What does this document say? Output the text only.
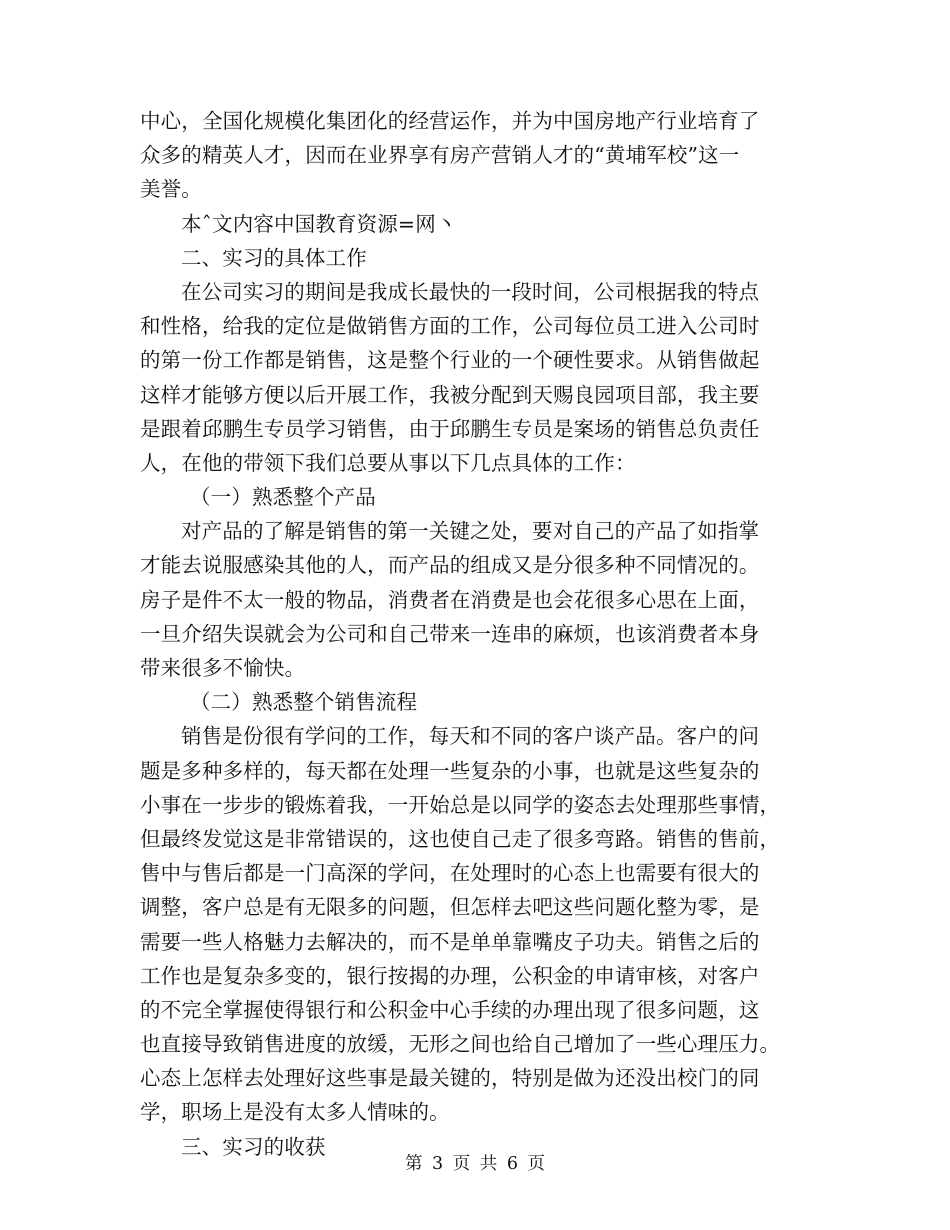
中心，全国化规模化集团化的经营运作，并为中国房地产行业培育了
众多的精英人才，因而在业界享有房产营销人才的“黄埔军校”这一
美誉。
本ˆ文内容中国教育资源=网丶
二、实习的具体工作
在公司实习的期间是我成长最快的一段时间，公司根据我的特点
和性格，给我的定位是做销售方面的工作，公司每位员工进入公司时
的第一份工作都是销售，这是整个行业的一个硬性要求。从销售做起
这样才能够方便以后开展工作，我被分配到天赐良园项目部，我主要
是跟着邱鹏生专员学习销售，由于邱鹏生专员是案场的销售总负责任
人，在他的带领下我们总要从事以下几点具体的工作：
（一）熟悉整个产品
对产品的了解是销售的第一关键之处，要对自己的产品了如指掌
才能去说服感染其他的人，而产品的组成又是分很多种不同情况的。
房子是件不太一般的物品，消费者在消费是也会花很多心思在上面，
一旦介绍失误就会为公司和自己带来一连串的麻烦，也该消费者本身
带来很多不愉快。
（二）熟悉整个销售流程
销售是份很有学问的工作，每天和不同的客户谈产品。客户的问
题是多种多样的，每天都在处理一些复杂的小事，也就是这些复杂的
小事在一步步的锻炼着我，一开始总是以同学的姿态去处理那些事情，
但最终发觉这是非常错误的，这也使自己走了很多弯路。销售的售前，
售中与售后都是一门高深的学问，在处理时的心态上也需要有很大的
调整，客户总是有无限多的问题，但怎样去吧这些问题化整为零，是
需要一些人格魅力去解决的，而不是单单靠嘴皮子功夫。销售之后的
工作也是复杂多变的，银行按揭的办理，公积金的申请审核，对客户
的不完全掌握使得银行和公积金中心手续的办理出现了很多问题，这
也直接导致销售进度的放缓，无形之间也给自己增加了一些心理压力。
心态上怎样去处理好这些事是最关键的，特别是做为还没出校门的同
学，职场上是没有太多人情味的。
三、实习的收获
第 3 页 共 6 页
